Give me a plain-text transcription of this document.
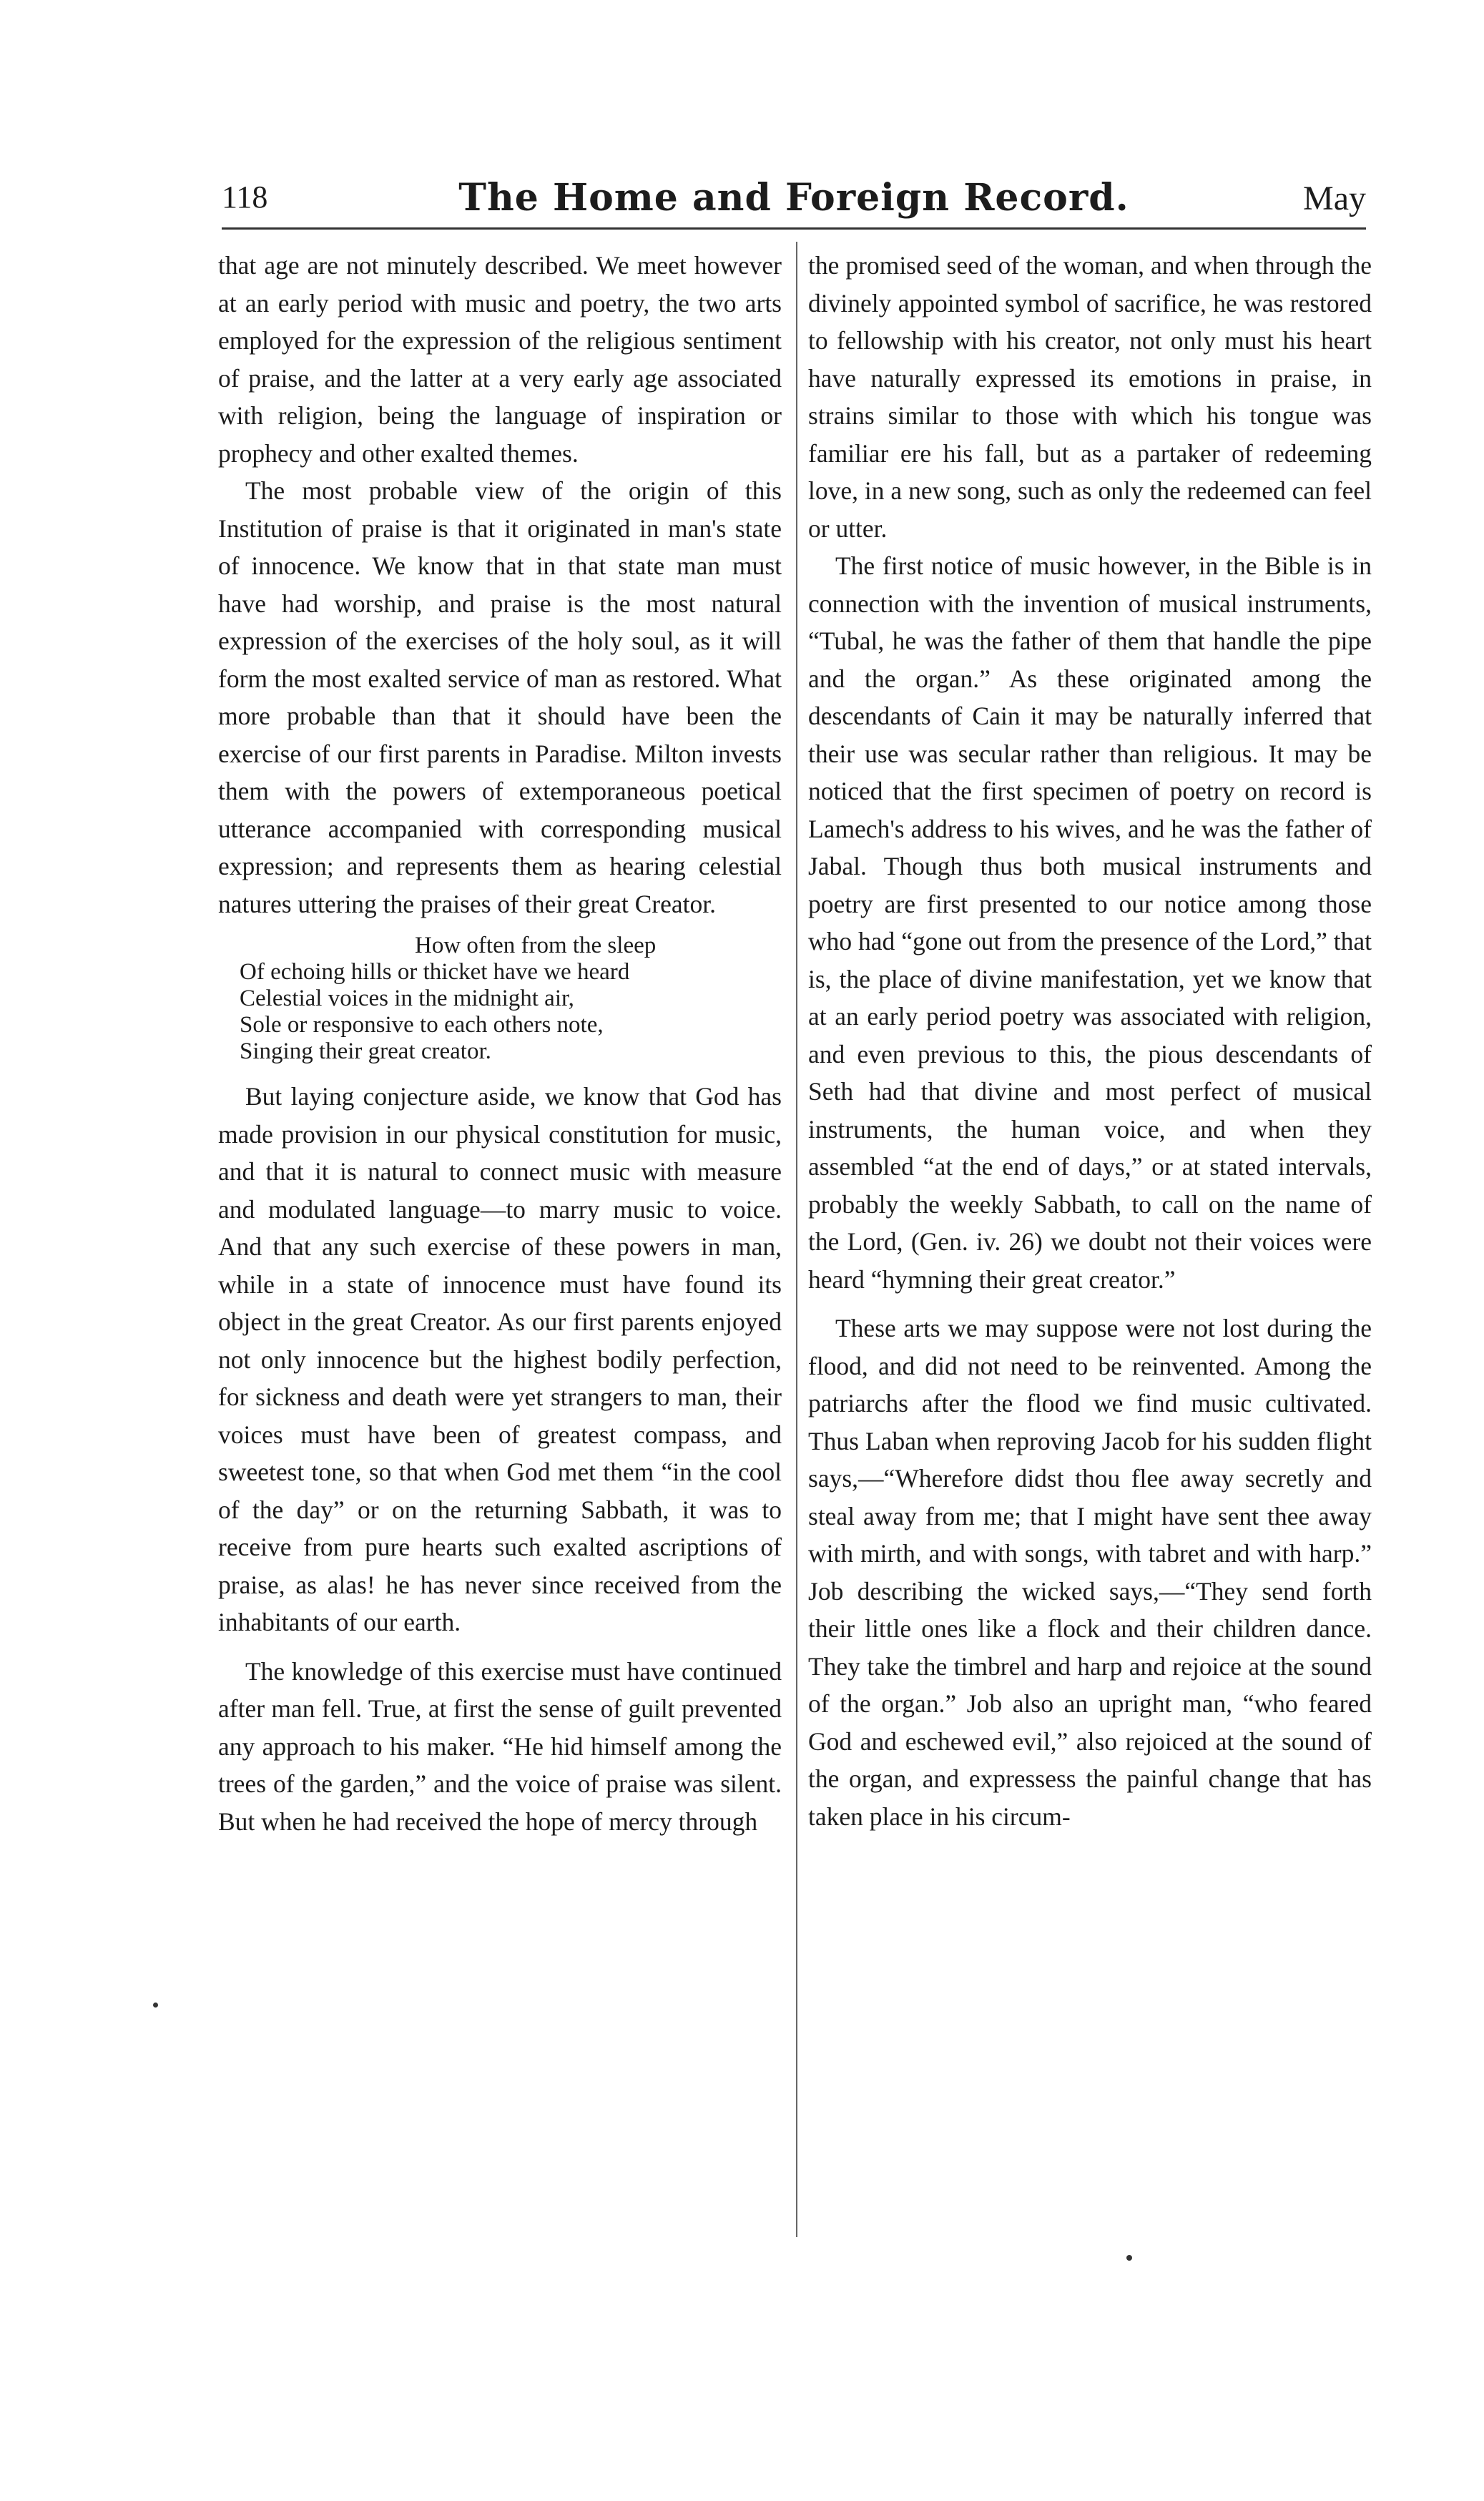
118	The Home and Foreign Record.	May

that age are not minutely described. We meet however at an early period with music and poetry, the two arts employed for the expression of the religious sentiment of praise, and the latter at a very early age associated with religion, being the language of inspiration or prophecy and other exalted themes.

The most probable view of the origin of this Institution of praise is that it originated in man's state of innocence. We know that in that state man must have had worship, and praise is the most natural expression of the exercises of the holy soul, as it will form the most exalted service of man as restored. What more probable than that it should have been the exercise of our first parents in Paradise. Milton invests them with the powers of extemporaneous poetical utterance accompanied with corresponding musical expression; and represents them as hearing celestial natures uttering the praises of their great Creator.

How often from the sleep
Of echoing hills or thicket have we heard
Celestial voices in the midnight air,
Sole or responsive to each others note,
Singing their great creator.

But laying conjecture aside, we know that God has made provision in our physical constitution for music, and that it is natural to connect music with measure and modulated language—to marry music to voice. And that any such exercise of these powers in man, while in a state of innocence must have found its object in the great Creator. As our first parents enjoyed not only innocence but the highest bodily perfection, for sickness and death were yet strangers to man, their voices must have been of greatest compass, and sweetest tone, so that when God met them “in the cool of the day” or on the returning Sabbath, it was to receive from pure hearts such exalted ascriptions of praise, as alas! he has never since received from the inhabitants of our earth.

The knowledge of this exercise must have continued after man fell. True, at first the sense of guilt prevented any approach to his maker. “He hid himself among the trees of the garden,” and the voice of praise was silent. But when he had received the hope of mercy through

the promised seed of the woman, and when through the divinely appointed symbol of sacrifice, he was restored to fellowship with his creator, not only must his heart have naturally expressed its emotions in praise, in strains similar to those with which his tongue was familiar ere his fall, but as a partaker of redeeming love, in a new song, such as only the redeemed can feel or utter.

The first notice of music however, in the Bible is in connection with the invention of musical instruments, “Tubal, he was the father of them that handle the pipe and the organ.” As these originated among the descendants of Cain it may be naturally inferred that their use was secular rather than religious. It may be noticed that the first specimen of poetry on record is Lamech's address to his wives, and he was the father of Jabal. Though thus both musical instruments and poetry are first presented to our notice among those who had “gone out from the presence of the Lord,” that is, the place of divine manifestation, yet we know that at an early period poetry was associated with religion, and even previous to this, the pious descendants of Seth had that divine and most perfect of musical instruments, the human voice, and when they assembled “at the end of days,” or at stated intervals, probably the weekly Sabbath, to call on the name of the Lord, (Gen. iv. 26) we doubt not their voices were heard “hymning their great creator.”

These arts we may suppose were not lost during the flood, and did not need to be reinvented. Among the patriarchs after the flood we find music cultivated. Thus Laban when reproving Jacob for his sudden flight says,—“Wherefore didst thou flee away secretly and steal away from me; that I might have sent thee away with mirth, and with songs, with tabret and with harp.” Job describing the wicked says,—“They send forth their little ones like a flock and their children dance. They take the timbrel and harp and rejoice at the sound of the organ.” Job also an upright man, “who feared God and eschewed evil,” also rejoiced at the sound of the organ, and expressess the painful change that has taken place in his circum-
